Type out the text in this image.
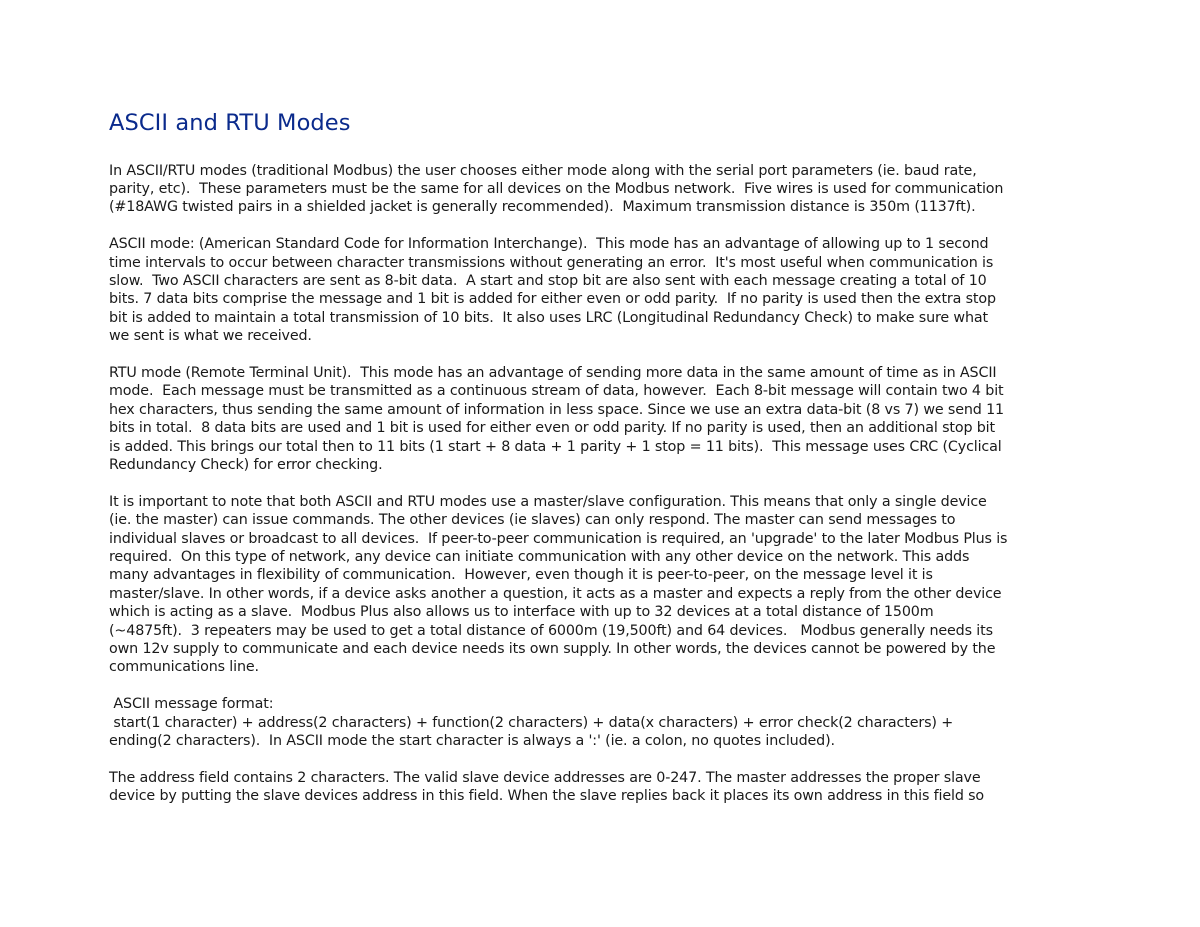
ASCII and RTU Modes
In ASCII/RTU modes (traditional Modbus) the user chooses either mode along with the serial port parameters (ie. baud rate,
parity, etc).  These parameters must be the same for all devices on the Modbus network.  Five wires is used for communication
(#18AWG twisted pairs in a shielded jacket is generally recommended).  Maximum transmission distance is 350m (1137ft).
ASCII mode: (American Standard Code for Information Interchange).  This mode has an advantage of allowing up to 1 second
time intervals to occur between character transmissions without generating an error.  It's most useful when communication is
slow.  Two ASCII characters are sent as 8-bit data.  A start and stop bit are also sent with each message creating a total of 10
bits. 7 data bits comprise the message and 1 bit is added for either even or odd parity.  If no parity is used then the extra stop
bit is added to maintain a total transmission of 10 bits.  It also uses LRC (Longitudinal Redundancy Check) to make sure what
we sent is what we received.
RTU mode (Remote Terminal Unit).  This mode has an advantage of sending more data in the same amount of time as in ASCII
mode.  Each message must be transmitted as a continuous stream of data, however.  Each 8-bit message will contain two 4 bit
hex characters, thus sending the same amount of information in less space. Since we use an extra data-bit (8 vs 7) we send 11
bits in total.  8 data bits are used and 1 bit is used for either even or odd parity. If no parity is used, then an additional stop bit
is added. This brings our total then to 11 bits (1 start + 8 data + 1 parity + 1 stop = 11 bits).  This message uses CRC (Cyclical
Redundancy Check) for error checking.
It is important to note that both ASCII and RTU modes use a master/slave configuration. This means that only a single device
(ie. the master) can issue commands. The other devices (ie slaves) can only respond. The master can send messages to
individual slaves or broadcast to all devices.  If peer-to-peer communication is required, an 'upgrade' to the later Modbus Plus is
required.  On this type of network, any device can initiate communication with any other device on the network. This adds
many advantages in flexibility of communication.  However, even though it is peer-to-peer, on the message level it is
master/slave. In other words, if a device asks another a question, it acts as a master and expects a reply from the other device
which is acting as a slave.  Modbus Plus also allows us to interface with up to 32 devices at a total distance of 1500m
(~4875ft).  3 repeaters may be used to get a total distance of 6000m (19,500ft) and 64 devices.   Modbus generally needs its
own 12v supply to communicate and each device needs its own supply. In other words, the devices cannot be powered by the
communications line.
ASCII message format:
start(1 character) + address(2 characters) + function(2 characters) + data(x characters) + error check(2 characters) +
ending(2 characters).  In ASCII mode the start character is always a ':' (ie. a colon, no quotes included).
The address field contains 2 characters. The valid slave device addresses are 0-247. The master addresses the proper slave
device by putting the slave devices address in this field. When the slave replies back it places its own address in this field so
